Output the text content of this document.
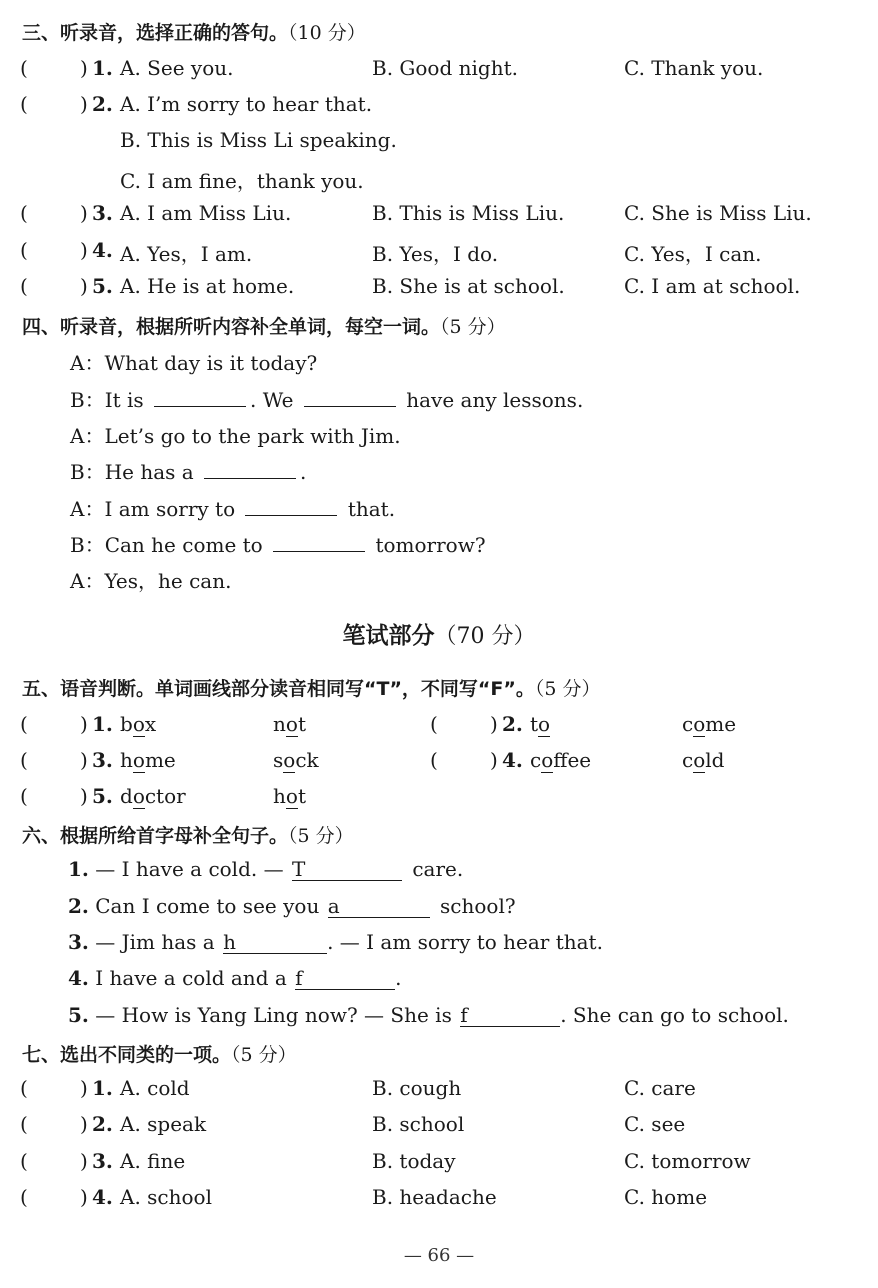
三、听录音，选择正确的答句。（10 分）
(	) 1. A. See you.	B. Good night.	C. Thank you.
(	) 2. A. I’m sorry to hear that.
B. This is Miss Li speaking.
C. I am fine，thank you.
(	) 3. A. I am Miss Liu.	B. This is Miss Liu.	C. She is Miss Liu.
(	) 4. A. Yes，I am.	B. Yes，I do.	C. Yes，I can.
(	) 5. A. He is at home.	B. She is at school.	C. I am at school.
四、听录音，根据所听内容补全单词，每空一词。（5 分）
A：What day is it today?
B：It is	. We	have any lessons.
A：Let’s go to the park with Jim.
B：He has a	.
A：I am sorry to	that.
B：Can he come to	tomorrow?
A：Yes，he can.
笔试部分（70 分）
五、语音判断。单词画线部分读音相同写“T”，不同写“F”。（5 分）
(	) 1. box	not	(	) 2. to	come
(	) 3. home	sock	(	) 4. coffee	cold
(	) 5. doctor	hot
六、根据所给首字母补全句子。（5 分）
1. — I have a cold. — T	care.
2. Can I come to see you a	school?
3. — Jim has a h	. — I am sorry to hear that.
4. I have a cold and a f	.
5. — How is Yang Ling now? — She is f	. She can go to school.
七、选出不同类的一项。（5 分）
(	) 1. A. cold	B. cough	C. care
(	) 2. A. speak	B. school	C. see
(	) 3. A. fine	B. today	C. tomorrow
(	) 4. A. school	B. headache	C. home
— 66 —
